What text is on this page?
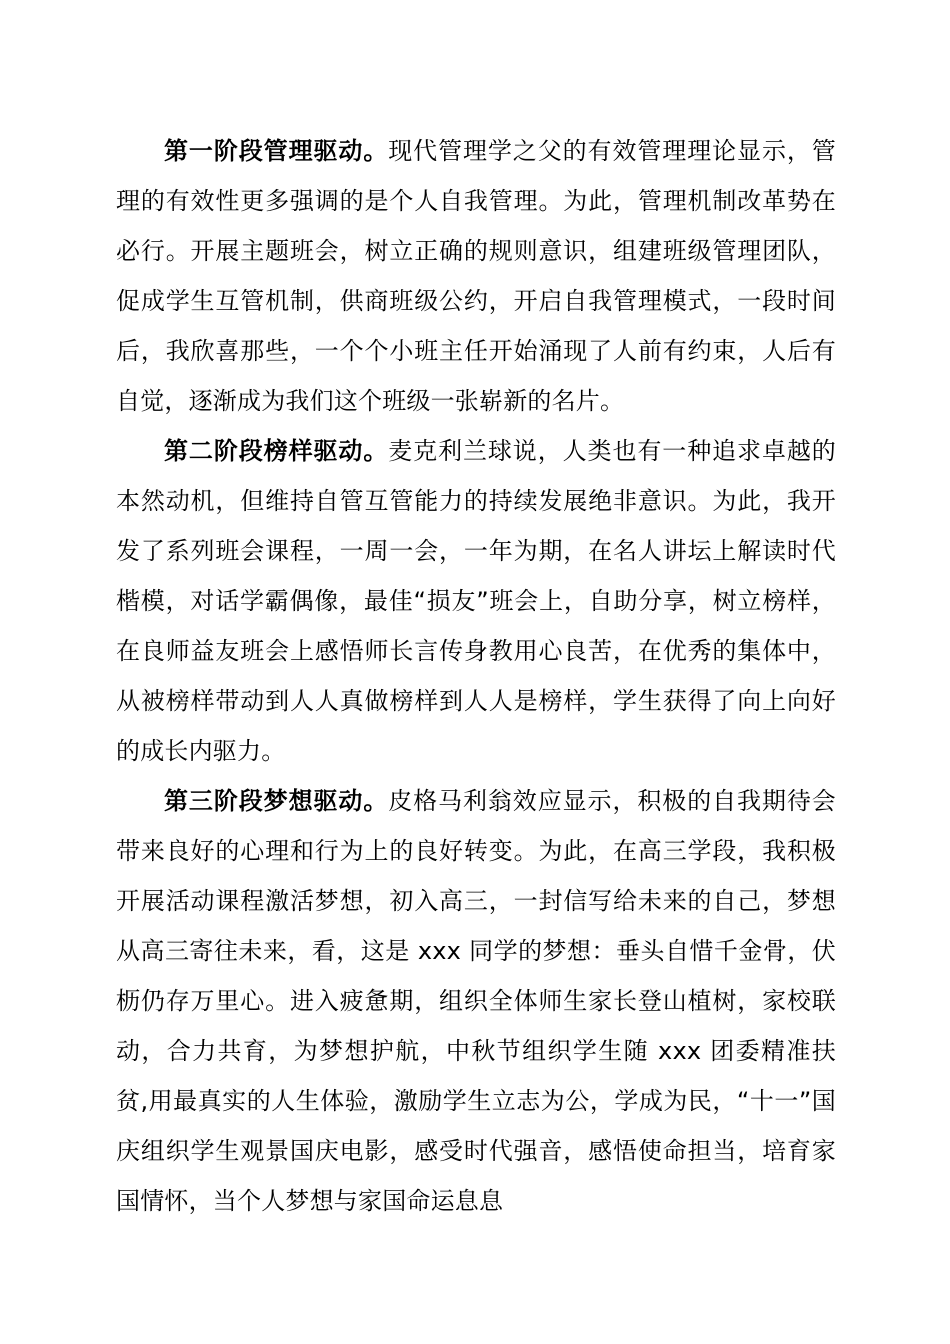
第一阶段管理驱动。现代管理学之父的有效管理理论显示，管理的有效性更多强调的是个人自我管理。为此，管理机制改革势在必行。开展主题班会，树立正确的规则意识，组建班级管理团队，促成学生互管机制，供商班级公约，开启自我管理模式，一段时间后，我欣喜那些，一个个小班主任开始涌现了人前有约束，人后有自觉，逐渐成为我们这个班级一张崭新的名片。

第二阶段榜样驱动。麦克利兰球说，人类也有一种追求卓越的本然动机，但维持自管互管能力的持续发展绝非意识。为此，我开发了系列班会课程，一周一会，一年为期，在名人讲坛上解读时代楷模，对话学霸偶像，最佳“损友”班会上，自助分享，树立榜样，在良师益友班会上感悟师长言传身教用心良苦，在优秀的集体中，从被榜样带动到人人真做榜样到人人是榜样，学生获得了向上向好的成长内驱力。

第三阶段梦想驱动。皮格马利翁效应显示，积极的自我期待会带来良好的心理和行为上的良好转变。为此，在高三学段，我积极开展活动课程激活梦想，初入高三，一封信写给未来的自己，梦想从高三寄往未来，看，这是 xxx 同学的梦想：垂头自惜千金骨，伏枥仍存万里心。进入疲惫期，组织全体师生家长登山植树，家校联动，合力共育，为梦想护航，中秋节组织学生随 xxx 团委精准扶贫,用最真实的人生体验，激励学生立志为公，学成为民，“十一”国庆组织学生观景国庆电影，感受时代强音，感悟使命担当，培育家国情怀，当个人梦想与家国命运息息
